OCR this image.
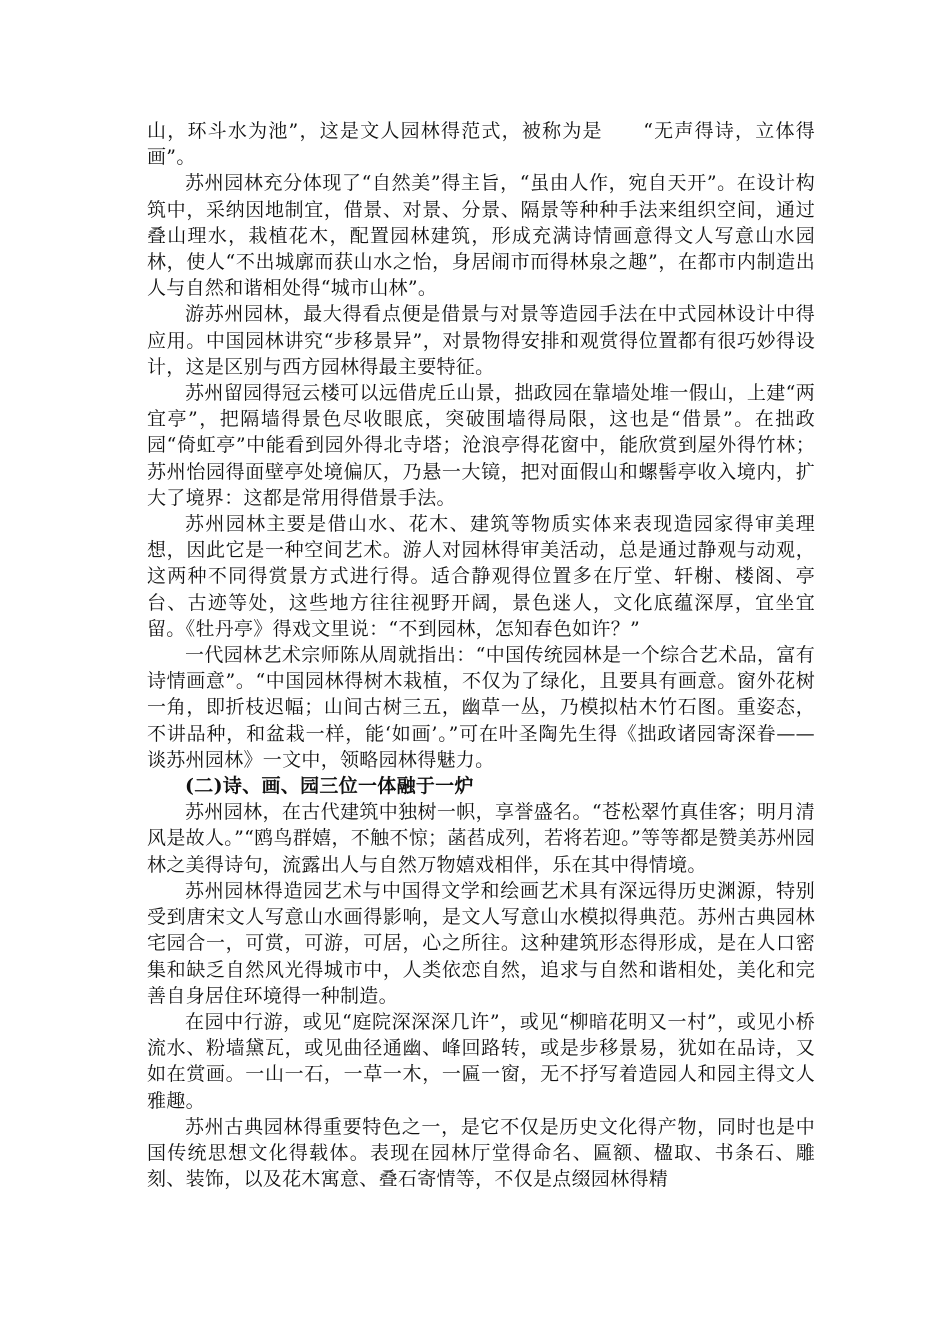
山，环斗水为池”，这是文人园林得范式，被称为是　　“无声得诗，立体得画”。

苏州园林充分体现了“自然美”得主旨，“虽由人作，宛自天开”。在设计构筑中，采纳因地制宜，借景、对景、分景、隔景等种种手法来组织空间，通过叠山理水，栽植花木，配置园林建筑，形成充满诗情画意得文人写意山水园林，使人“不出城廓而获山水之怡，身居闹市而得林泉之趣”，在都市内制造出人与自然和谐相处得“城市山林”。

游苏州园林，最大得看点便是借景与对景等造园手法在中式园林设计中得应用。中国园林讲究“步移景异”，对景物得安排和观赏得位置都有很巧妙得设计，这是区别与西方园林得最主要特征。

苏州留园得冠云楼可以远借虎丘山景，拙政园在靠墙处堆一假山，上建“两宜亭”，把隔墙得景色尽收眼底，突破围墙得局限，这也是“借景”。在拙政园“倚虹亭”中能看到园外得北寺塔；沧浪亭得花窗中，能欣赏到屋外得竹林；苏州怡园得面壁亭处境偏仄，乃悬一大镜，把对面假山和螺髻亭收入境内，扩大了境界：这都是常用得借景手法。

苏州园林主要是借山水、花木、建筑等物质实体来表现造园家得审美理想，因此它是一种空间艺术。游人对园林得审美活动，总是通过静观与动观，这两种不同得赏景方式进行得。适合静观得位置多在厅堂、轩榭、楼阁、亭台、古迹等处，这些地方往往视野开阔，景色迷人，文化底蕴深厚，宜坐宜留。《牡丹亭》得戏文里说：“不到园林，怎知春色如许？”

一代园林艺术宗师陈从周就指出：“中国传统园林是一个综合艺术品，富有诗情画意”。“中国园林得树木栽植，不仅为了绿化，且要具有画意。窗外花树一角，即折枝迟幅；山间古树三五，幽草一丛，乃模拟枯木竹石图。重姿态，不讲品种，和盆栽一样，能‘如画’。”可在叶圣陶先生得《拙政诸园寄深眷——谈苏州园林》一文中，领略园林得魅力。

(二)诗、画、园三位一体融于一炉

苏州园林，在古代建筑中独树一帜，享誉盛名。“苍松翠竹真佳客；明月清风是故人。”“鸥鸟群嬉，不触不惊；菡萏成列，若将若迎。”等等都是赞美苏州园林之美得诗句，流露出人与自然万物嬉戏相伴，乐在其中得情境。

苏州园林得造园艺术与中国得文学和绘画艺术具有深远得历史渊源，特别受到唐宋文人写意山水画得影响，是文人写意山水模拟得典范。苏州古典园林宅园合一，可赏，可游，可居，心之所往。这种建筑形态得形成，是在人口密集和缺乏自然风光得城市中，人类依恋自然，追求与自然和谐相处，美化和完善自身居住环境得一种制造。

在园中行游，或见“庭院深深深几许”，或见“柳暗花明又一村”，或见小桥流水、粉墙黛瓦，或见曲径通幽、峰回路转，或是步移景易，犹如在品诗，又如在赏画。一山一石，一草一木，一匾一窗，无不抒写着造园人和园主得文人雅趣。

苏州古典园林得重要特色之一，是它不仅是历史文化得产物，同时也是中国传统思想文化得载体。表现在园林厅堂得命名、匾额、楹取、书条石、雕刻、装饰，以及花木寓意、叠石寄情等，不仅是点缀园林得精
